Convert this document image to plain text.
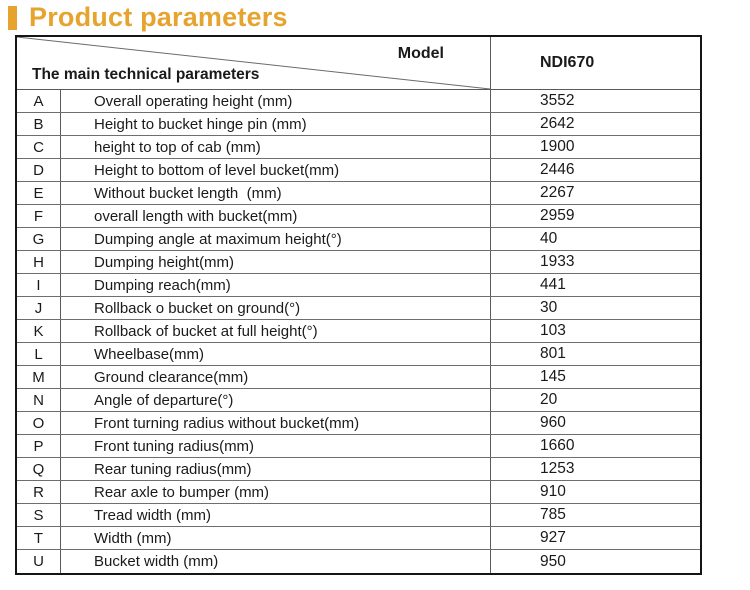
Product parameters
Model
The main technical parameters
NDI670
A	Overall operating height (mm)	3552
B	Height to bucket hinge pin (mm)	2642
C	height to top of cab (mm)	1900
D	Height to bottom of level bucket(mm)	2446
E	Without bucket length  (mm)	2267
F	overall length with bucket(mm)	2959
G	Dumping angle at maximum height(°)	40
H	Dumping height(mm)	1933
I	Dumping reach(mm)	441
J	Rollback o bucket on ground(°)	30
K	Rollback of bucket at full height(°)	103
L	Wheelbase(mm)	801
M	Ground clearance(mm)	145
N	Angle of departure(°)	20
O	Front turning radius without bucket(mm)	960
P	Front tuning radius(mm)	1660
Q	Rear tuning radius(mm)	1253
R	Rear axle to bumper (mm)	910
S	Tread width (mm)	785
T	Width (mm)	927
U	Bucket width (mm)	950
